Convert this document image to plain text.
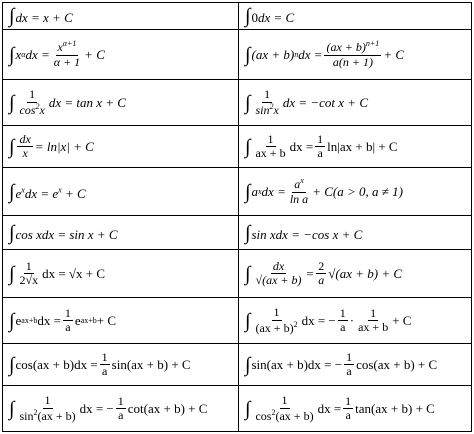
∫dx = x + C	∫0dx = C
∫ x α dx = $\frac{x^{\alpha+1}}{\alpha + 1} + C$	∫ (ax + b) n dx = $\frac{(ax + b)^{n+1}}{a(n + 1)} + C$
∫ $\frac{1}{\cos^2x}$ dx = tan x + C	∫ $\frac{1}{\sin^2x}$ dx = −cot x + C
∫ $\frac{dx}{x} = \ln|x| + C$	∫ $\frac{1}{ax + b}$ dx = $\frac{1}{a} \ln|ax + b| + C$
$\int e^xdx = e^x + C$	∫ a x dx = $\frac{a^x}{\text{ln a}} + C(a > 0$, a ≠ 1)
∫cos xdx = sin x + C	∫sin xdx = −cos x + C
∫ $\frac{1}{2√x}$ dx = √x + C	∫ $\frac{dx}{√(ax + b)} = \frac{2}{a} √(ax + b) + C$
∫ e ax+b dx = $\frac{1}{a}$ e ax+b + C	∫ $\frac{1}{(ax + b)^2}$ dx = − $\frac{1}{a} \cdot \frac{1}{ax + b} + C$
∫ $\cos(ax + b)dx = \frac{1}{a} \sin(ax + b) + C$	∫ sin(ax + b)dx = − $\frac{1}{a} \cos(ax + b) + C$
∫ $\frac{1}{\sin^2(ax + b)}$ dx = − $\frac{1}{a} \cot(ax + b) + C$ ∫ $\frac{1}{\cos^2(ax + b)}$ dx = $\frac{1}{a} \tan(ax + b) + C$
